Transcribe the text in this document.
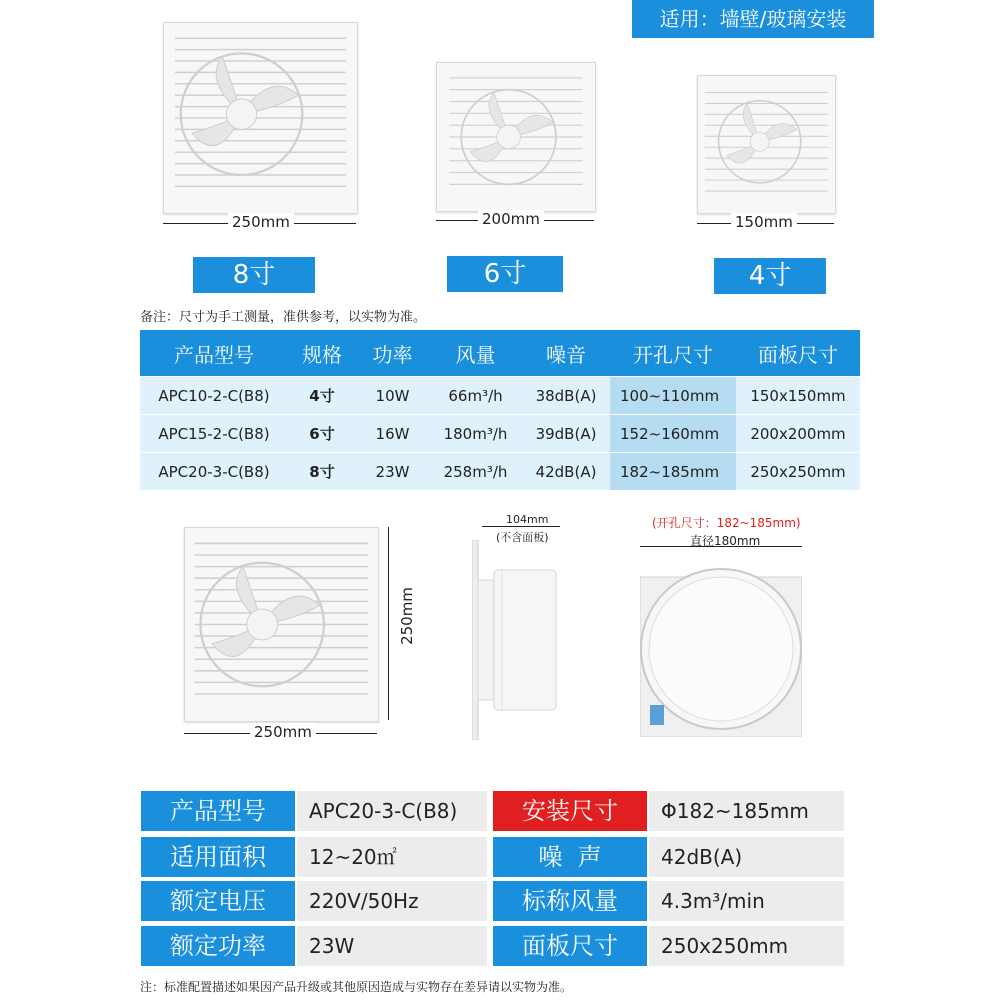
适用：墙壁/玻璃安装
250mm
8寸
200mm
6寸
150mm
4寸
备注：尺寸为手工测量，准供参考，以实物为准。
产品型号	规格	功率	风量	噪音	开孔尺寸	面板尺寸
APC10-2-C(B8)	4寸	10W	66m³/h	38dB(A)	100~110mm	150x150mm
APC15-2-C(B8)	6寸	16W	180m³/h	39dB(A)	152~160mm	200x200mm
APC20-3-C(B8)	8寸	23W	258m³/h	42dB(A)	182~185mm	250x250mm
250mm
250mm
104mm
(不含面板)
(开孔尺寸：182~185mm)
直径180mm
产品型号	APC20-3-C(B8)
适用面积	12~20㎡
额定电压	220V/50Hz
额定功率	23W
安装尺寸	Φ182~185mm
噪  声	42dB(A)
标称风量	4.3m³/min
面板尺寸	250x250mm
注：标准配置描述如果因产品升级或其他原因造成与实物存在差异请以实物为准。
